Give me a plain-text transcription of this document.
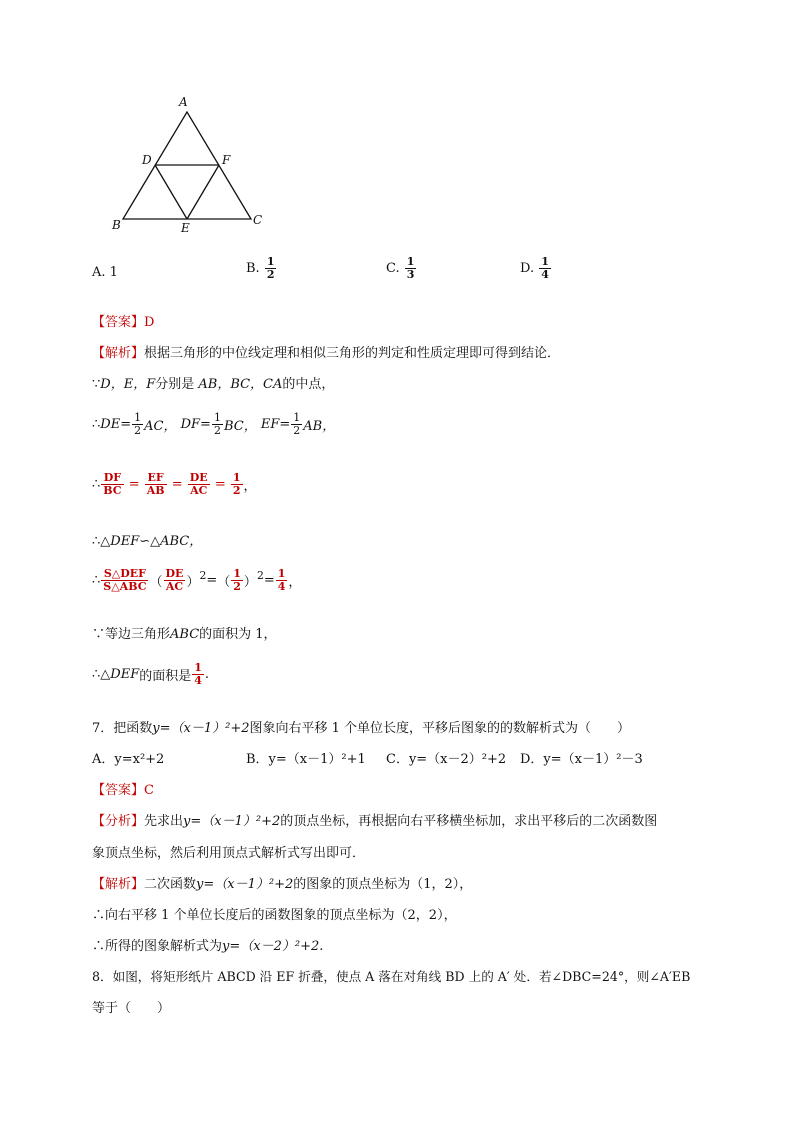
A
D	F
B	C
E
A. 1	B. $\frac{1}{2}$	C. $\frac{1}{3}$	D. $\frac{1}{4}$
【答案】D
【解析】根据三角形的中位线定理和相似三角形的判定和性质定理即可得到结论．
∵D，E，F分别是 AB，BC，CA的中点，
∴DE= $\frac{1}{2}$ AC， $DF= \frac{1}{2}$ BC， $EF= \frac{1}{2}$ AB，
∴ $\frac{DF}{BC} = \frac{EF}{AB} = \frac{DE}{AC} = \frac{1}{2}$ ，
∴△DEF∽△ABC，
∴ $\frac{\text{S△DEF}}{\text{S△ABC}}$ （ $\frac{DE}{AC} )^2=( \frac{1}{2} )^2= \frac{1}{4}$ ，
∵等边三角形ABC的面积为 1，
∴△DEF的面积是 $\frac{1}{4}$ .
7．把函数y=（x－1）²+2图象向右平移 1 个单位长度，平移后图象的的数解析式为（　　）
A．y=x²+2	B．y=（x－1）²+1 C．y=（x－2）²+2 D．y=（x－1）²－3
【答案】C
【分析】先求出y=（x－1）²+2的顶点坐标，再根据向右平移横坐标加，求出平移后的二次函数图
象顶点坐标，然后利用顶点式解析式写出即可．
【解析】二次函数y=（x－1）²+2的图象的顶点坐标为（1，2），
∴向右平移 1 个单位长度后的函数图象的顶点坐标为（2，2），
∴所得的图象解析式为y=（x－2）²+2.
8．如图，将矩形纸片 ABCD 沿 EF 折叠，使点 A 落在对角线 BD 上的 A′ 处．若∠DBC=24°，则∠A′EB
等于（　　）
